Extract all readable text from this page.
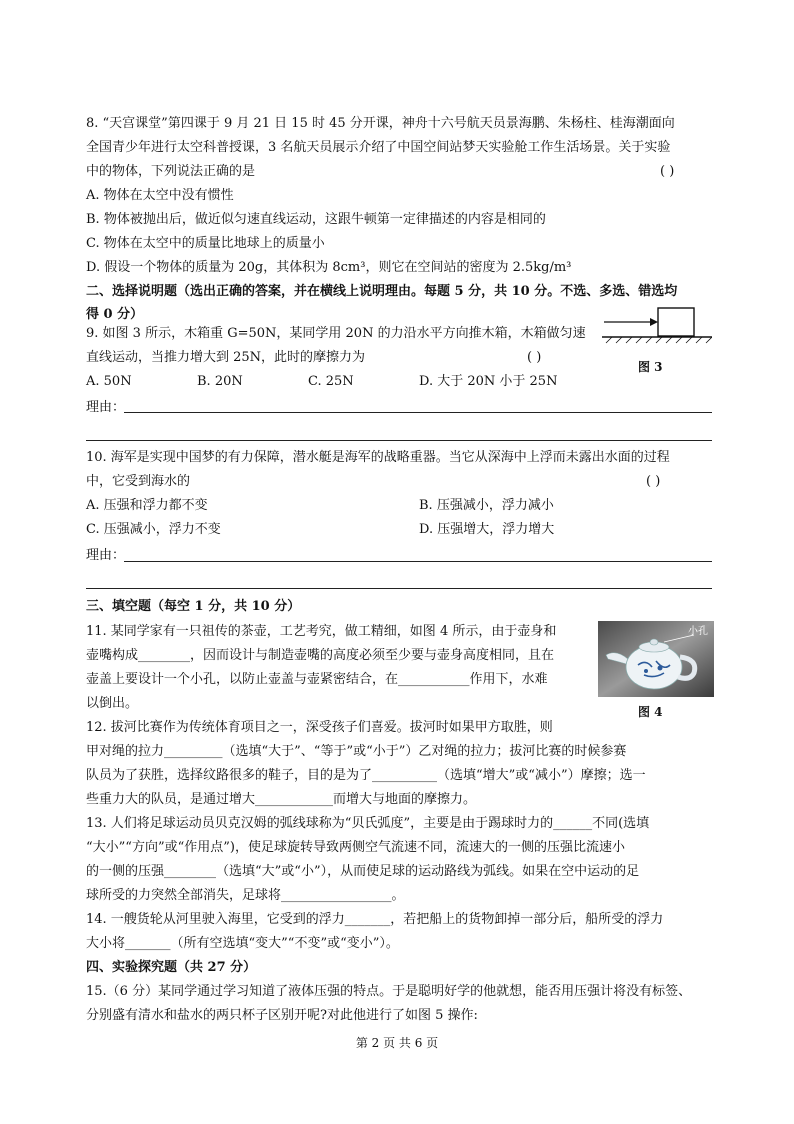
8. “天宫课堂”第四课于 9 月 21 日 15 时 45 分开课，神舟十六号航天员景海鹏、朱杨柱、桂海潮面向
全国青少年进行太空科普授课，3 名航天员展示介绍了中国空间站梦天实验舱工作生活场景。关于实验
中的物体，下列说法正确的是	( )
A. 物体在太空中没有惯性
B. 物体被抛出后，做近似匀速直线运动，这跟牛顿第一定律描述的内容是相同的
C. 物体在太空中的质量比地球上的质量小
D. 假设一个物体的质量为 20g，其体积为 8cm³，则它在空间站的密度为 2.5kg/m³
二、选择说明题（选出正确的答案，并在横线上说明理由。每题 5 分，共 10 分。不选、多选、错选均
得 0 分）
9. 如图 3 所示，木箱重 G=50N，某同学用 20N 的力沿水平方向推木箱，木箱做匀速
直线运动，当推力增大到 25N，此时的摩擦力为	( )
A. 50N	B. 20N	C. 25N	D. 大于 20N 小于 25N
理由：
图 3
10. 海军是实现中国梦的有力保障，潜水艇是海军的战略重器。当它从深海中上浮而未露出水面的过程
中，它受到海水的	( )
A. 压强和浮力都不变	B. 压强减小，浮力减小
C. 压强减小，浮力不变	D. 压强增大，浮力增大
理由：
三、填空题（每空 1 分，共 10 分）
11. 某同学家有一只祖传的茶壶，工艺考究，做工精细，如图 4 所示，由于壶身和
壶嘴构成________，因而设计与制造壶嘴的高度必须至少要与壶身高度相同，且在
壶盖上要设计一个小孔，以防止壶盖与壶紧密结合，在___________作用下，水难
以倒出。
小孔
图 4
12. 拔河比赛作为传统体育项目之一，深受孩子们喜爱。拔河时如果甲方取胜，则
甲对绳的拉力_________（选填“大于”、“等于”或“小于”）乙对绳的拉力；拔河比赛的时候参赛
队员为了获胜，选择纹路很多的鞋子，目的是为了__________（选填“增大”或“减小”）摩擦；选一
些重力大的队员，是通过增大____________而增大与地面的摩擦力。
13. 人们将足球运动员贝克汉姆的弧线球称为“贝氏弧度”，主要是由于踢球时力的______不同(选填
“大小”“方向”或“作用点”)，使足球旋转导致两侧空气流速不同，流速大的一侧的压强比流速小
的一侧的压强________（选填“大”或“小”），从而使足球的运动路线为弧线。如果在空中运动的足
球所受的力突然全部消失，足球将_________________。
14. 一艘货轮从河里驶入海里，它受到的浮力_______，若把船上的货物卸掉一部分后，船所受的浮力
大小将_______（所有空选填“变大”“不变”或“变小”）。
四、实验探究题（共 27 分）
15.（6 分）某同学通过学习知道了液体压强的特点。于是聪明好学的他就想，能否用压强计将没有标签、
分别盛有清水和盐水的两只杯子区别开呢?对此他进行了如图 5 操作:
第 2 页 共 6 页
